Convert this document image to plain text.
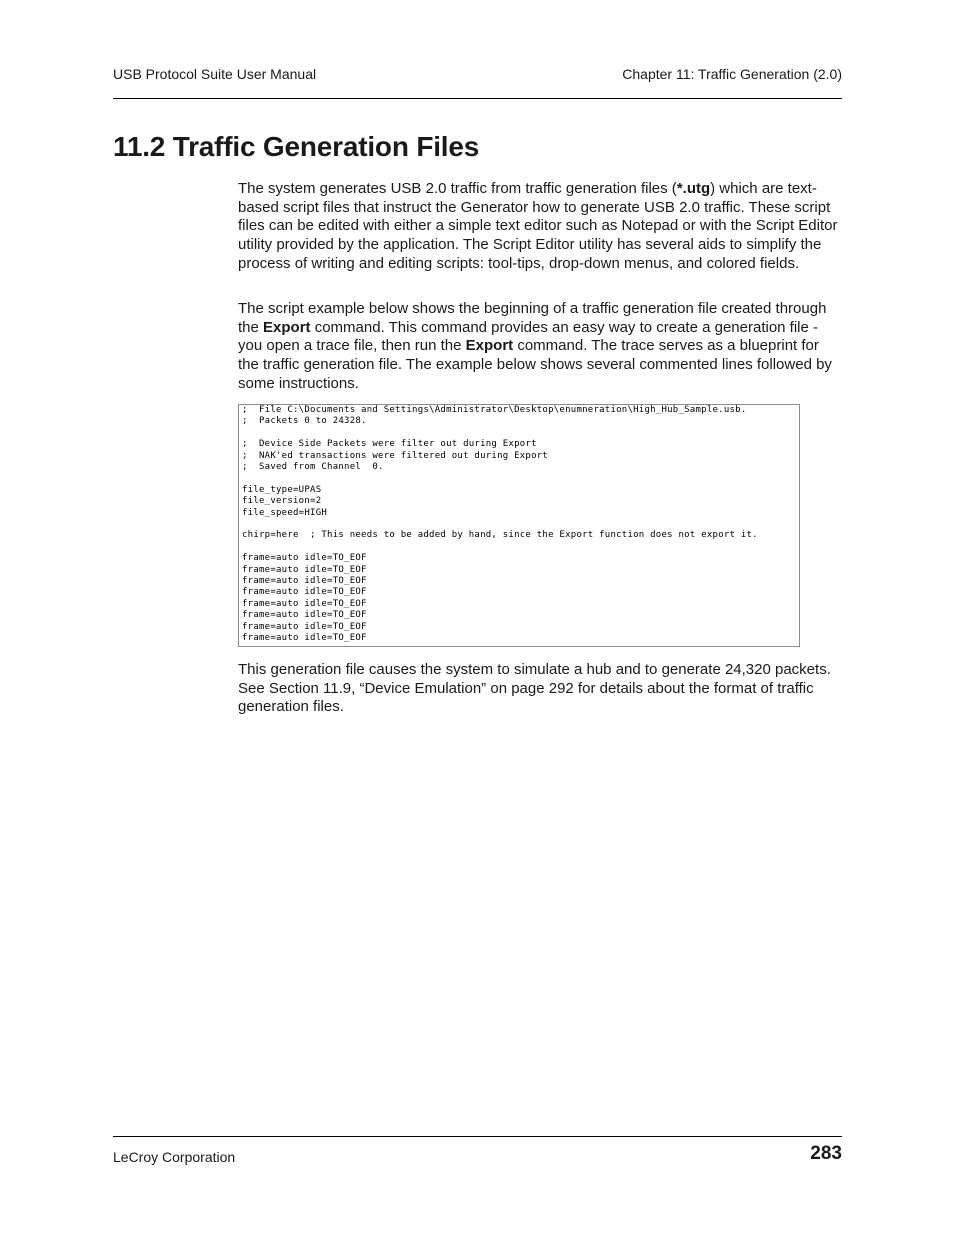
USB Protocol Suite User Manual	Chapter 11: Traffic Generation (2.0)
11.2 Traffic Generation Files

The system generates USB 2.0 traffic from traffic generation files (*.utg) which are text-based script files that instruct the Generator how to generate USB 2.0 traffic. These script files can be edited with either a simple text editor such as Notepad or with the Script Editor utility provided by the application. The Script Editor utility has several aids to simplify the process of writing and editing scripts: tool-tips, drop-down menus, and colored fields.

The script example below shows the beginning of a traffic generation file created through the Export command. This command provides an easy way to create a generation file - you open a trace file, then run the Export command. The trace serves as a blueprint for the traffic generation file. The example below shows several commented lines followed by some instructions.

;  File C:\Documents and Settings\Administrator\Desktop\enumneration\High_Hub_Sample.usb.
;  Packets 0 to 24328.
;  Device Side Packets were filter out during Export
;  NAK'ed transactions were filtered out during Export
;  Saved from Channel  0.
file_type=UPAS
file_version=2
file_speed=HIGH
chirp=here  ; This needs to be added by hand, since the Export function does not export it.
frame=auto idle=TO_EOF
frame=auto idle=TO_EOF
frame=auto idle=TO_EOF
frame=auto idle=TO_EOF
frame=auto idle=TO_EOF
frame=auto idle=TO_EOF
frame=auto idle=TO_EOF
frame=auto idle=TO_EOF

This generation file causes the system to simulate a hub and to generate 24,320 packets. See Section 11.9, “Device Emulation” on page 292 for details about the format of traffic generation files.

LeCroy Corporation	283
